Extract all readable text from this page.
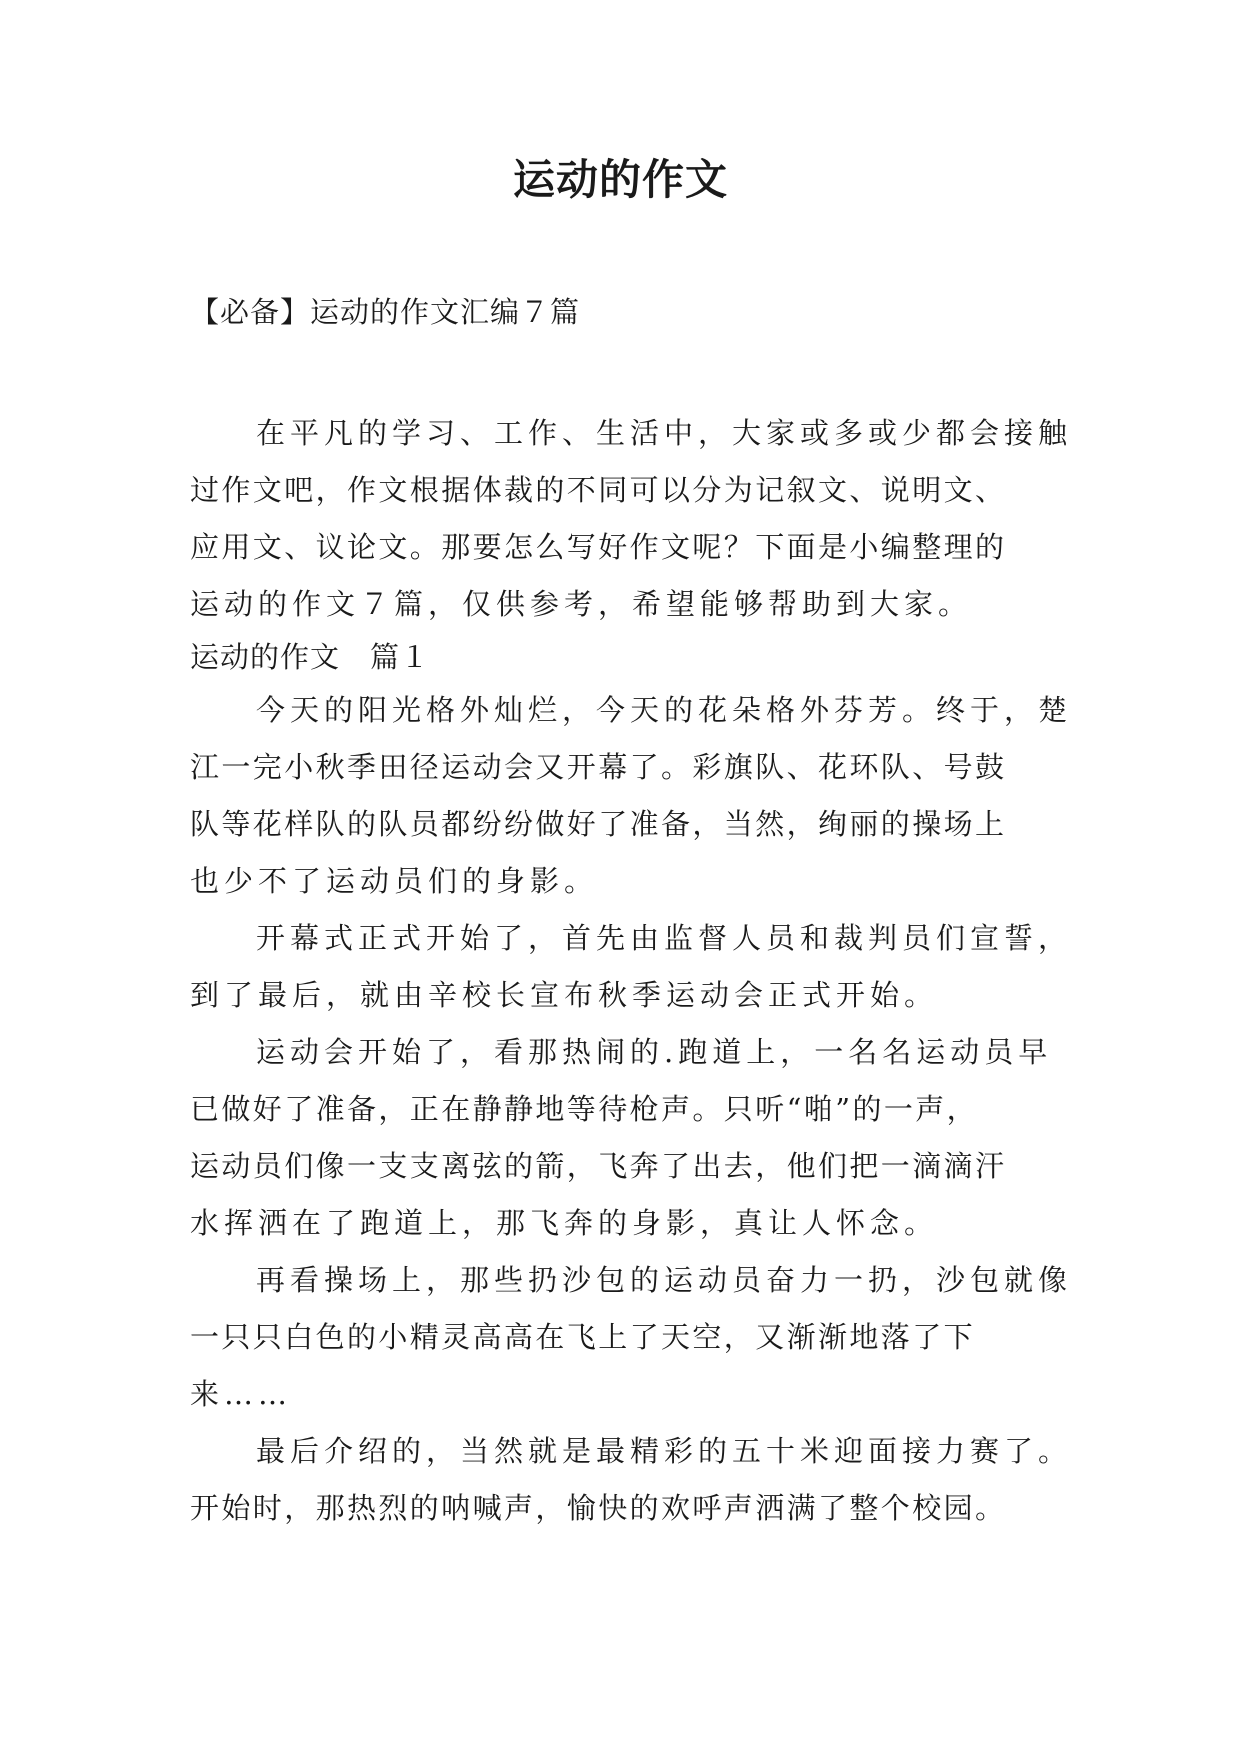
运动的作文
【必备】运动的作文汇编７篇
在平凡的学习、工作、生活中，大家或多或少都会接触
过作文吧，作文根据体裁的不同可以分为记叙文、说明文、
应用文、议论文。那要怎么写好作文呢？下面是小编整理的
运动的作文７篇，仅供参考，希望能够帮助到大家。
运动的作文　篇１
今天的阳光格外灿烂，今天的花朵格外芬芳。终于，楚
江一完小秋季田径运动会又开幕了。彩旗队、花环队、号鼓
队等花样队的队员都纷纷做好了准备，当然，绚丽的操场上
也少不了运动员们的身影。
开幕式正式开始了，首先由监督人员和裁判员们宣誓，
到了最后，就由辛校长宣布秋季运动会正式开始。
运动会开始了，看那热闹的.跑道上，一名名运动员早
已做好了准备，正在静静地等待枪声。只听“啪”的一声，
运动员们像一支支离弦的箭，飞奔了出去，他们把一滴滴汗
水挥洒在了跑道上，那飞奔的身影，真让人怀念。
再看操场上，那些扔沙包的运动员奋力一扔，沙包就像
一只只白色的小精灵高高在飞上了天空，又渐渐地落了下
来……
最后介绍的，当然就是最精彩的五十米迎面接力赛了。
开始时，那热烈的呐喊声，愉快的欢呼声洒满了整个校园。
